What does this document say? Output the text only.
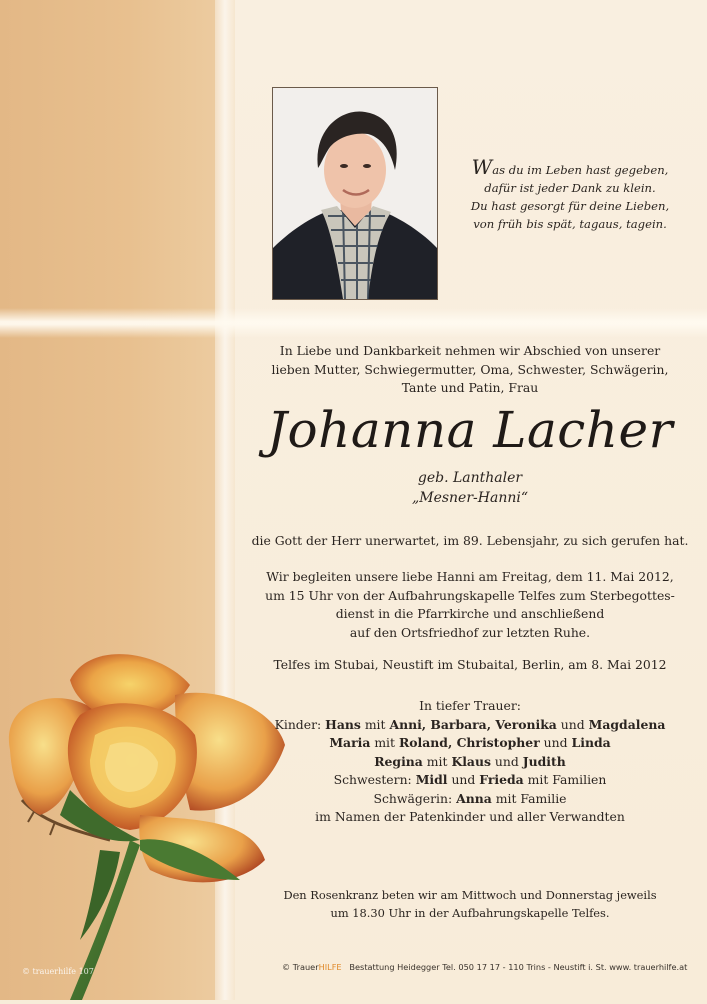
Was du im Leben hast gegeben,
dafür ist jeder Dank zu klein.
Du hast gesorgt für deine Lieben,
von früh bis spät, tagaus, tagein.
In Liebe und Dankbarkeit nehmen wir Abschied von unserer
lieben Mutter, Schwiegermutter, Oma, Schwester, Schwägerin,
Tante und Patin, Frau
Johanna Lacher
geb. Lanthaler
„Mesner-Hanni“
die Gott der Herr unerwartet, im 89. Lebensjahr, zu sich gerufen hat.
Wir begleiten unsere liebe Hanni am Freitag, dem 11. Mai 2012,
um 15 Uhr von der Aufbahrungskapelle Telfes zum Sterbegottes-
dienst in die Pfarrkirche und anschließend
auf den Ortsfriedhof zur letzten Ruhe.
Telfes im Stubai, Neustift im Stubaital, Berlin, am 8. Mai 2012
In tiefer Trauer:
Kinder: Hans mit Anni, Barbara, Veronika und Magdalena
Maria mit Roland, Christopher und Linda
Regina mit Klaus und Judith
Schwestern: Midl und Frieda mit Familien
Schwägerin: Anna mit Familie
im Namen der Patenkinder und aller Verwandten
Den Rosenkranz beten wir am Mittwoch und Donnerstag jeweils
um 18.30 Uhr in der Aufbahrungskapelle Telfes.
© trauerhilfe 107	© TrauerHILFE Bestattung Heidegger Tel. 050 17 17 - 110 Trins - Neustift i. St. www. trauerhilfe.at
